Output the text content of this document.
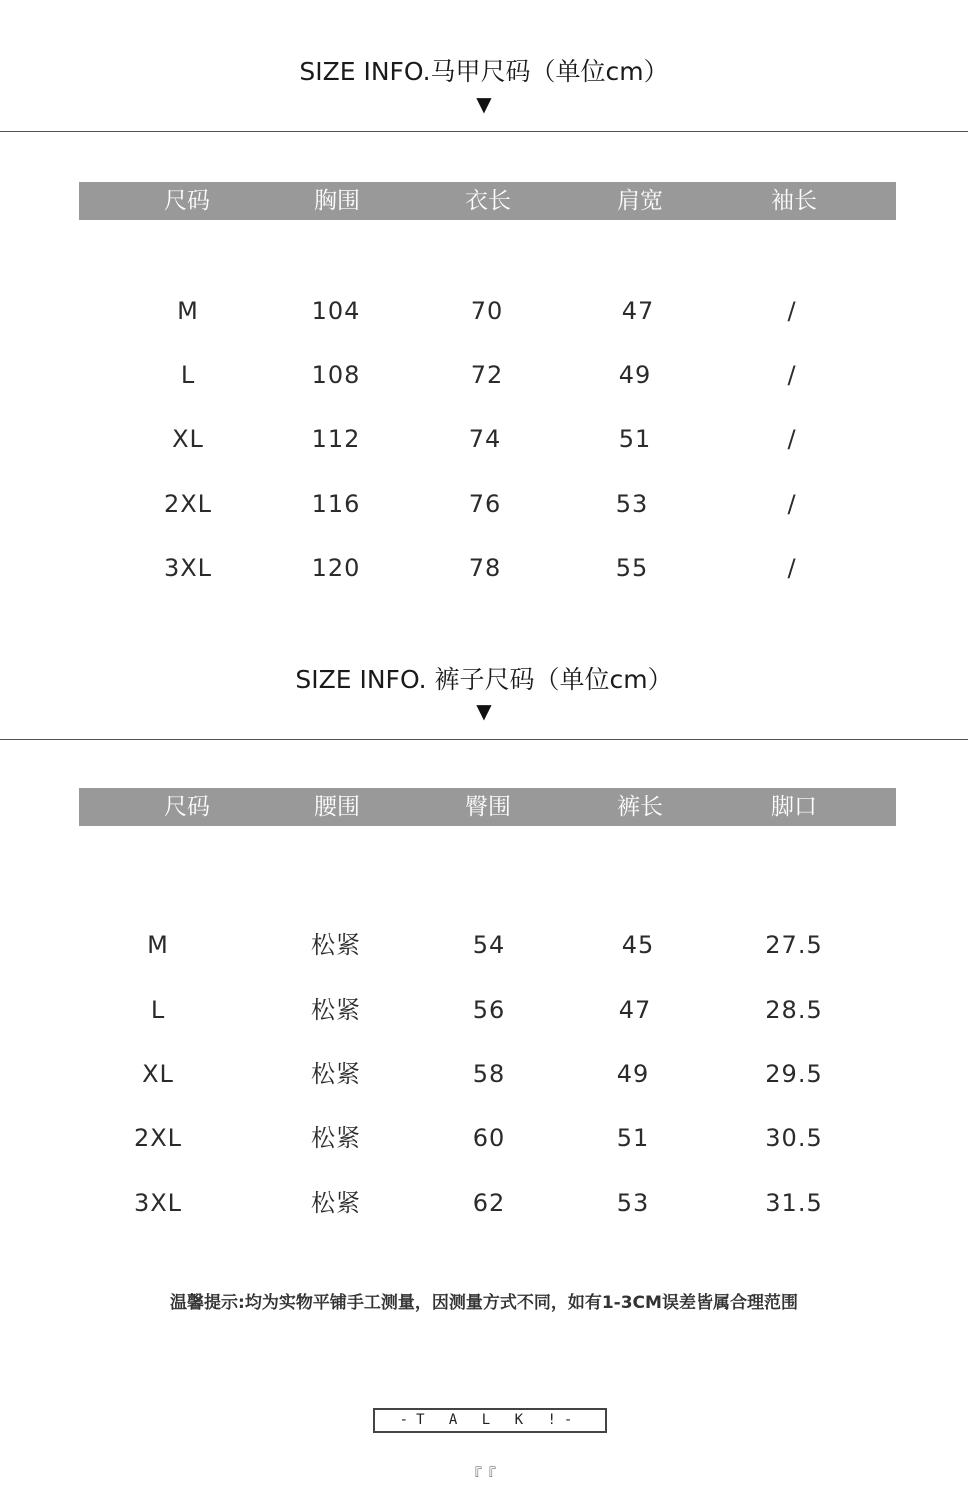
SIZE INFO.马甲尺码（单位cm）
▼
尺码	胸围	衣长	肩宽	袖长
M	104	70	47	/
L	108	72	49	/
XL	112	74	51	/
2XL	116	76	53	/
3XL	120	78	55	/
SIZE INFO. 裤子尺码（单位cm）
▼
尺码	腰围	臀围	裤长	脚口
M	松紧	54	45	27.5
L	松紧	56	47	28.5
XL	松紧	58	49	29.5
2XL	松紧	60	51	30.5
3XL	松紧	62	53	31.5
温馨提示:均为实物平铺手工测量，因测量方式不同，如有1-3CM误差皆属合理范围
-T A L K !-
『『
